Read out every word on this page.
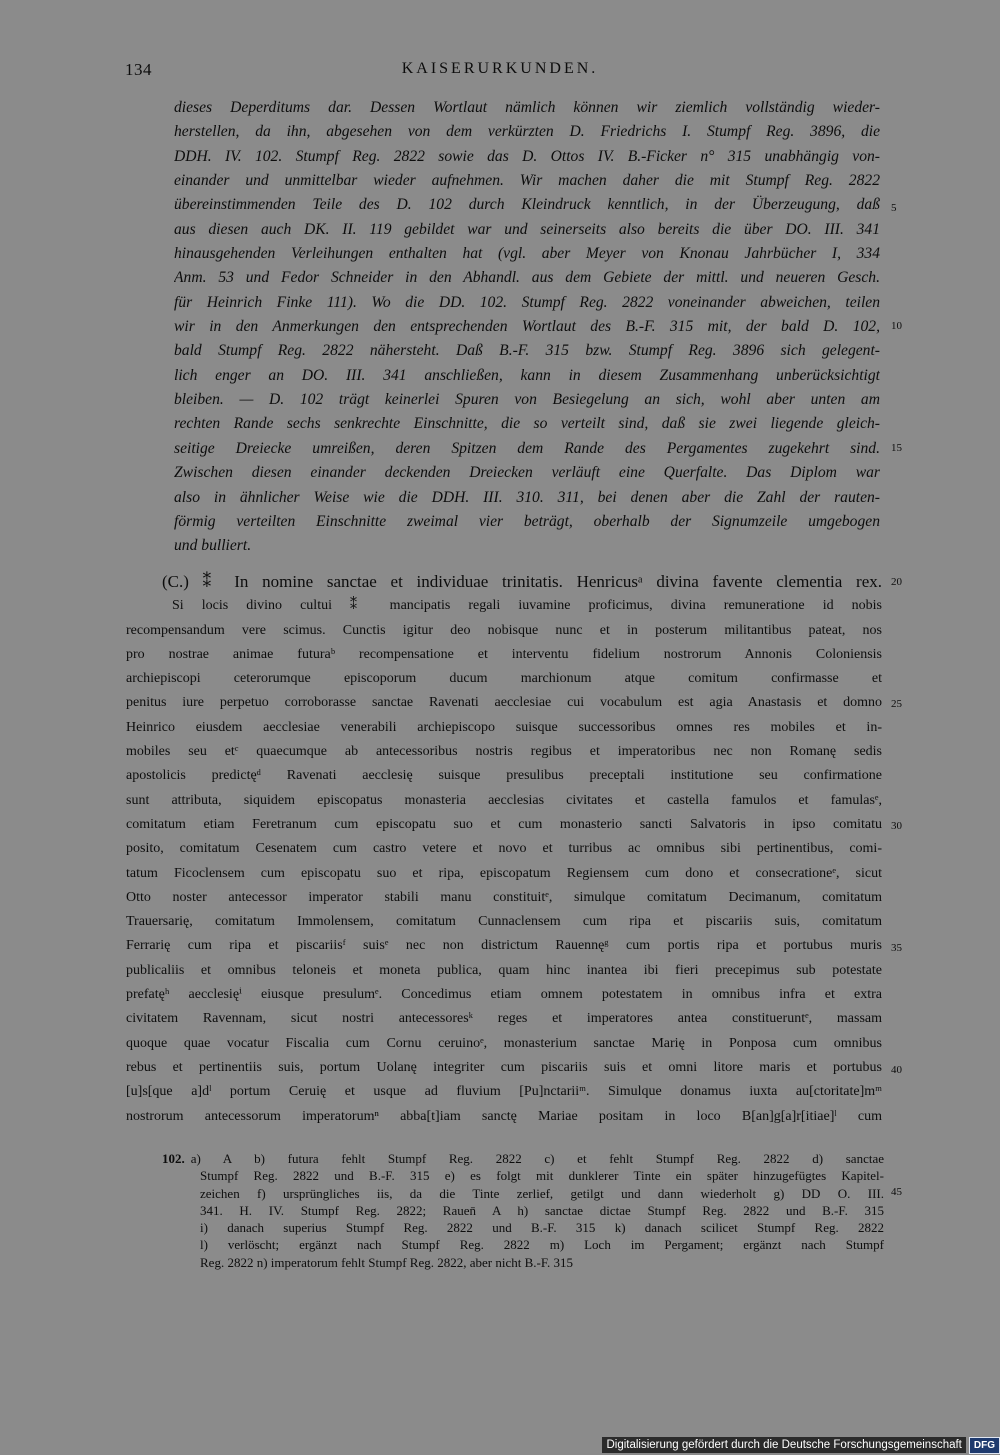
134	KAISERURKUNDEN.
dieses Deperditums dar. Dessen Wortlaut nämlich können wir ziemlich vollständig wieder-
herstellen, da ihn, abgesehen von dem verkürzten D. Friedrichs I. Stumpf Reg. 3896, die
DDH. IV. 102. Stumpf Reg. 2822 sowie das D. Ottos IV. B.-Ficker n° 315 unabhängig von-
einander und unmittelbar wieder aufnehmen. Wir machen daher die mit Stumpf Reg. 2822
übereinstimmenden Teile des D. 102 durch Kleindruck kenntlich, in der Überzeugung, daß
aus diesen auch DK. II. 119 gebildet war und seinerseits also bereits die über DO. III. 341
hinausgehenden Verleihungen enthalten hat (vgl. aber Meyer von Knonau Jahrbücher I, 334
Anm. 53 und Fedor Schneider in den Abhandl. aus dem Gebiete der mittl. und neueren Gesch.
für Heinrich Finke 111). Wo die DD. 102. Stumpf Reg. 2822 voneinander abweichen, teilen
wir in den Anmerkungen den entsprechenden Wortlaut des B.-F. 315 mit, der bald D. 102,
bald Stumpf Reg. 2822 nähersteht. Daß B.-F. 315 bzw. Stumpf Reg. 3896 sich gelegent-
lich enger an DO. III. 341 anschließen, kann in diesem Zusammenhang unberücksichtigt
bleiben. — D. 102 trägt keinerlei Spuren von Besiegelung an sich, wohl aber unten am
rechten Rande sechs senkrechte Einschnitte, die so verteilt sind, daß sie zwei liegende gleich-
seitige Dreiecke umreißen, deren Spitzen dem Rande des Pergamentes zugekehrt sind.
Zwischen diesen einander deckenden Dreiecken verläuft eine Querfalte. Das Diplom war
also in ähnlicher Weise wie die DDH. III. 310. 311, bei denen aber die Zahl der rauten-
förmig verteilten Einschnitte zweimal vier beträgt, oberhalb der Signumzeile umgebogen
und bulliert.
(C.) ⁑ In nomine sanctae et individuae trinitatis. Henricusᵃ divina favente clementia rex.
Si locis divino cultui ⁑ mancipatis regali iuvamine proficimus, divina remuneratione id nobis
recompensandum vere scimus. Cunctis igitur deo nobisque nunc et in posterum militantibus pateat, nos
pro nostrae animae futuraᵇ recompensatione et interventu fidelium nostrorum Annonis Coloniensis
archiepiscopi ceterorumque episcoporum ducum marchionum atque comitum confirmasse et
penitus iure perpetuo corroborasse sanctae Ravenati aecclesiae cui vocabulum est agia Anastasis et domno
Heinrico eiusdem aecclesiae venerabili archiepiscopo suisque successoribus omnes res mobiles et in-
mobiles seu etᶜ quaecumque ab antecessoribus nostris regibus et imperatoribus nec non Romanę sedis
apostolicis predictęᵈ Ravenati aecclesię suisque presulibus preceptali institutione seu confirmatione
sunt attributa, siquidem episcopatus monasteria aecclesias civitates et castella famulos et famulasᵉ,
comitatum etiam Feretranum cum episcopatu suo et cum monasterio sancti Salvatoris in ipso comitatu
posito, comitatum Cesenatem cum castro vetere et novo et turribus ac omnibus sibi pertinentibus, comi-
tatum Ficoclensem cum episcopatu suo et ripa, episcopatum Regiensem cum dono et consecrationeᵉ, sicut
Otto noster antecessor imperator stabili manu constituitᵉ, simulque comitatum Decimanum, comitatum
Trauersarię, comitatum Immolensem, comitatum Cunnaclensem cum ripa et piscariis suis, comitatum
Ferrarię cum ripa et piscariisᶠ suisᵉ nec non districtum Rauennęᵍ cum portis ripa et portubus muris
publicaliis et omnibus teloneis et moneta publica, quam hinc inantea ibi fieri precepimus sub potestate
prefatęʰ aecclesięⁱ eiusque presulumᵉ. Concedimus etiam omnem potestatem in omnibus infra et extra
civitatem Ravennam, sicut nostri antecessoresᵏ reges et imperatores antea constitueruntᵉ, massam
quoque quae vocatur Fiscalia cum Cornu ceruinoᵉ, monasterium sanctae Marię in Ponposa cum omnibus
rebus et pertinentiis suis, portum Uolanę integriter cum piscariis suis et omni litore maris et portubus
[u]s[que a]dˡ portum Ceruię et usque ad fluvium [Pu]nctariiᵐ. Simulque donamus iuxta au[ctoritate]mᵐ
nostrorum antecessorum imperatorumⁿ abba[t]iam sanctę Mariae positam in loco B[an]g[a]r[itiae]ˡ cum
102. a) A b) futura fehlt Stumpf Reg. 2822 c) et fehlt Stumpf Reg. 2822 d) sanctae
Stumpf Reg. 2822 und B.-F. 315 e) es folgt mit dunklerer Tinte ein später hinzugefügtes Kapitel-
zeichen f) ursprüngliches iis, da die Tinte zerlief, getilgt und dann wiederholt g) DD O. III.
341. H. IV. Stumpf Reg. 2822; Rauen̄ A h) sanctae dictae Stumpf Reg. 2822 und B.-F. 315
i) danach superius Stumpf Reg. 2822 und B.-F. 315 k) danach scilicet Stumpf Reg. 2822
l) verlöscht; ergänzt nach Stumpf Reg. 2822 m) Loch im Pergament; ergänzt nach Stumpf
Reg. 2822 n) imperatorum fehlt Stumpf Reg. 2822, aber nicht B.-F. 315
5
10
15
20
25
30
35
40
45
Digitalisierung gefördert durch die Deutsche Forschungsgemeinschaft	DFG
